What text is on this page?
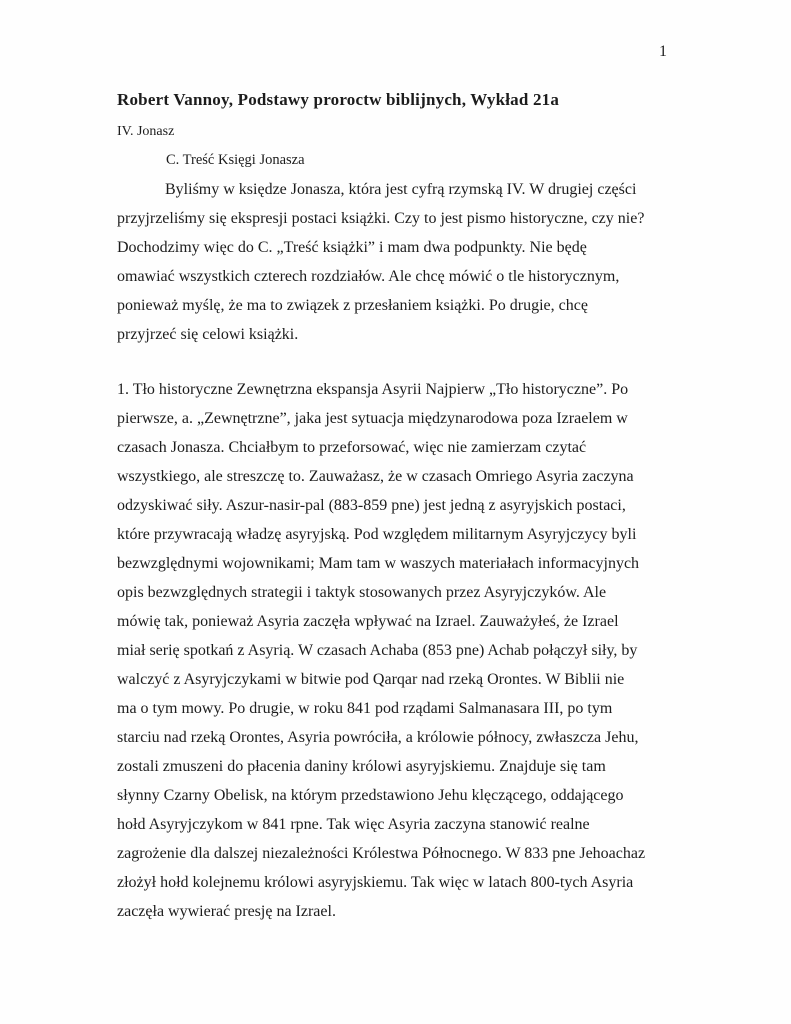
1
Robert Vannoy, Podstawy proroctw biblijnych, Wykład 21a
IV. Jonasz
C. Treść Księgi Jonasza
Byliśmy w księdze Jonasza, która jest cyfrą rzymską IV. W drugiej części
przyjrzeliśmy się ekspresji postaci książki. Czy to jest pismo historyczne, czy nie?
Dochodzimy więc do C. „Treść książki” i mam dwa podpunkty. Nie będę
omawiać wszystkich czterech rozdziałów. Ale chcę mówić o tle historycznym,
ponieważ myślę, że ma to związek z przesłaniem książki. Po drugie, chcę
przyjrzeć się celowi książki.
1. Tło historyczne Zewnętrzna ekspansja Asyrii Najpierw „Tło historyczne”. Po
pierwsze, a. „Zewnętrzne”, jaka jest sytuacja międzynarodowa poza Izraelem w
czasach Jonasza. Chciałbym to przeforsować, więc nie zamierzam czytać
wszystkiego, ale streszczę to. Zauważasz, że w czasach Omriego Asyria zaczyna
odzyskiwać siły. Aszur-nasir-pal (883-859 pne) jest jedną z asyryjskich postaci,
które przywracają władzę asyryjską. Pod względem militarnym Asyryjczycy byli
bezwzględnymi wojownikami; Mam tam w waszych materiałach informacyjnych
opis bezwzględnych strategii i taktyk stosowanych przez Asyryjczyków. Ale
mówię tak, ponieważ Asyria zaczęła wpływać na Izrael. Zauważyłeś, że Izrael
miał serię spotkań z Asyrią. W czasach Achaba (853 pne) Achab połączył siły, by
walczyć z Asyryjczykami w bitwie pod Qarqar nad rzeką Orontes. W Biblii nie
ma o tym mowy. Po drugie, w roku 841 pod rządami Salmanasara III, po tym
starciu nad rzeką Orontes, Asyria powróciła, a królowie północy, zwłaszcza Jehu,
zostali zmuszeni do płacenia daniny królowi asyryjskiemu. Znajduje się tam
słynny Czarny Obelisk, na którym przedstawiono Jehu klęczącego, oddającego
hołd Asyryjczykom w 841 rpne. Tak więc Asyria zaczyna stanowić realne
zagrożenie dla dalszej niezależności Królestwa Północnego. W 833 pne Jehoachaz
złożył hołd kolejnemu królowi asyryjskiemu. Tak więc w latach 800-tych Asyria
zaczęła wywierać presję na Izrael.
